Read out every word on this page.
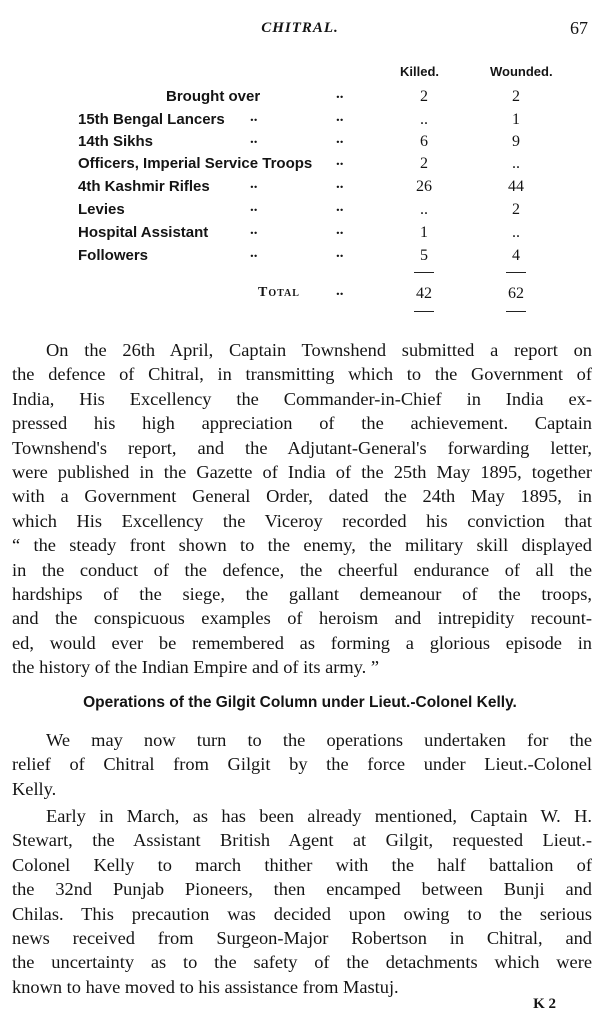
CHITRAL.	67
Killed.	Wounded.
Brought over	..	2	2
15th Bengal Lancers ..	..	..	1
14th Sikhs	..	..	6	9
Officers, Imperial Service Troops ..	2	..
4th Kashmir Rifles	..	..	26	44
Levies	..	..	..	2
Hospital Assistant	..	..	1	..
Followers	..	..	5	4
Total ..	42	62
On the 26th April, Captain Townshend submitted a report on
the defence of Chitral, in transmitting which to the Government of
India, His Excellency the Commander-in-Chief in India ex-
pressed his high appreciation of the achievement. Captain
Townshend's report, and the Adjutant-General's forwarding letter,
were published in the Gazette of India of the 25th May 1895, together
with a Government General Order, dated the 24th May 1895, in
which His Excellency the Viceroy recorded his conviction that
“ the steady front shown to the enemy, the military skill displayed
in the conduct of the defence, the cheerful endurance of all the
hardships of the siege, the gallant demeanour of the troops,
and the conspicuous examples of heroism and intrepidity recount-
ed, would ever be remembered as forming a glorious episode in
the history of the Indian Empire and of its army. ”
Operations of the Gilgit Column under Lieut.-Colonel Kelly.
We may now turn to the operations undertaken for the
relief of Chitral from Gilgit by the force under Lieut.-Colonel
Kelly.
Early in March, as has been already mentioned, Captain W. H.
Stewart, the Assistant British Agent at Gilgit, requested Lieut.-
Colonel Kelly to march thither with the half battalion of
the 32nd Punjab Pioneers, then encamped between Bunji and
Chilas. This precaution was decided upon owing to the serious
news received from Surgeon-Major Robertson in Chitral, and
the uncertainty as to the safety of the detachments which were
known to have moved to his assistance from Mastuj.
K 2
